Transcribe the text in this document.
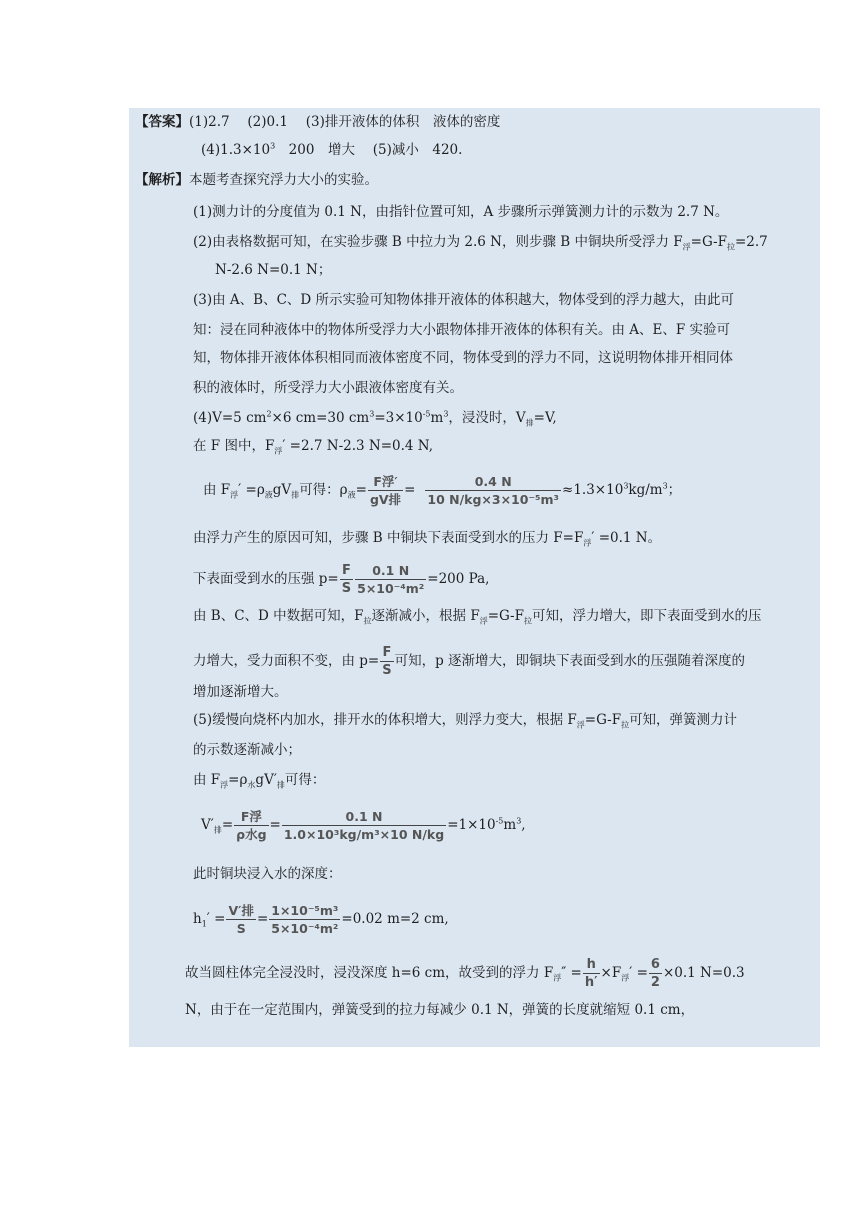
【答案】(1)2.7　 (2)0.1　 (3)排开液体的体积　液体的密度
$(4)1.3\times 10^3$　200　增大　 (5)减小　420.
【解析】本题考查探究浮力大小的实验。
(1)测力计的分度值为 0.1 N，由指针位置可知，A 步骤所示弹簧测力计的示数为 2.7 N。
(2)由表格数据可知，在实验步骤 B 中拉力为 2.6 N，则步骤 B 中铜块所受浮力 $F_浮=G-F_拉=2.7$
N-2.6 N=0.1 N；
(3)由 A、B、C、D 所示实验可知物体排开液体的体积越大，物体受到的浮力越大，由此可
知：浸在同种液体中的物体所受浮力大小跟物体排开液体的体积有关。由 A、E、F 实验可
知，物体排开液体体积相同而液体密度不同，物体受到的浮力不同，这说明物体排开相同体
积的液体时，所受浮力大小跟液体密度有关。
(4)V=5 $cm^2\times 6$ cm=30 $cm^3=3\times 10^{-5}m^3$，浸没时，$V_排=V$,
在 F 图中，$F_浮' =2.7$ N-2.3 N=0.4 N,
由 $F_浮' =\rho_液gV_排$可得：$\rho_液= \frac{\text{F浮′}}{\text{gV排}} = \frac{0.4 N}{\text{10 N/kg×3×10⁻⁵m³}} \approx 1.3\times 10^3kg/m^3$；
由浮力产生的原因可知，步骤 B 中铜块下表面受到水的压力 $F=F_浮' =0.1$ N。
下表面受到水的压强 $p= \frac{F}{S} \frac{0.1 N}{\text{5×10⁻⁴m²}} =200$ Pa,
由 B、C、D 中数据可知，$F_拉$逐渐减小，根据 $F_浮=G-F_拉$可知，浮力增大，即下表面受到水的压
力增大，受力面积不变，由 $p= \frac{F}{S}$ 可知，p 逐渐增大，即铜块下表面受到水的压强随着深度的
增加逐渐增大。
(5)缓慢向烧杯内加水，排开水的体积增大，则浮力变大，根据 $F_浮=G-F_拉$可知，弹簧测力计
的示数逐渐减小；
由 $F_浮=\rho_水gV'_排$可得：
$V'_排= \frac{\text{F浮}}{\text{ρ水g}} = \frac{0.1 N}{\text{1.0×10³kg/m³×10 N/kg}} =1\times 10^{-5}m^3$,
此时铜块浸入水的深度：
$h_1' = \frac{\text{V′排}}{S} = \frac{\text{1×10⁻⁵m³}}{\text{5×10⁻⁴m²}} =0.02$ m=2 cm,
故当圆柱体完全浸没时，浸没深度 h=6 cm，故受到的浮力 $F_浮'' = \frac{h}{h'} \times F_浮' = \frac{6}{2} \times 0.1$ N=0.3
N，由于在一定范围内，弹簧受到的拉力每减少 0.1 N，弹簧的长度就缩短 0.1 cm，
